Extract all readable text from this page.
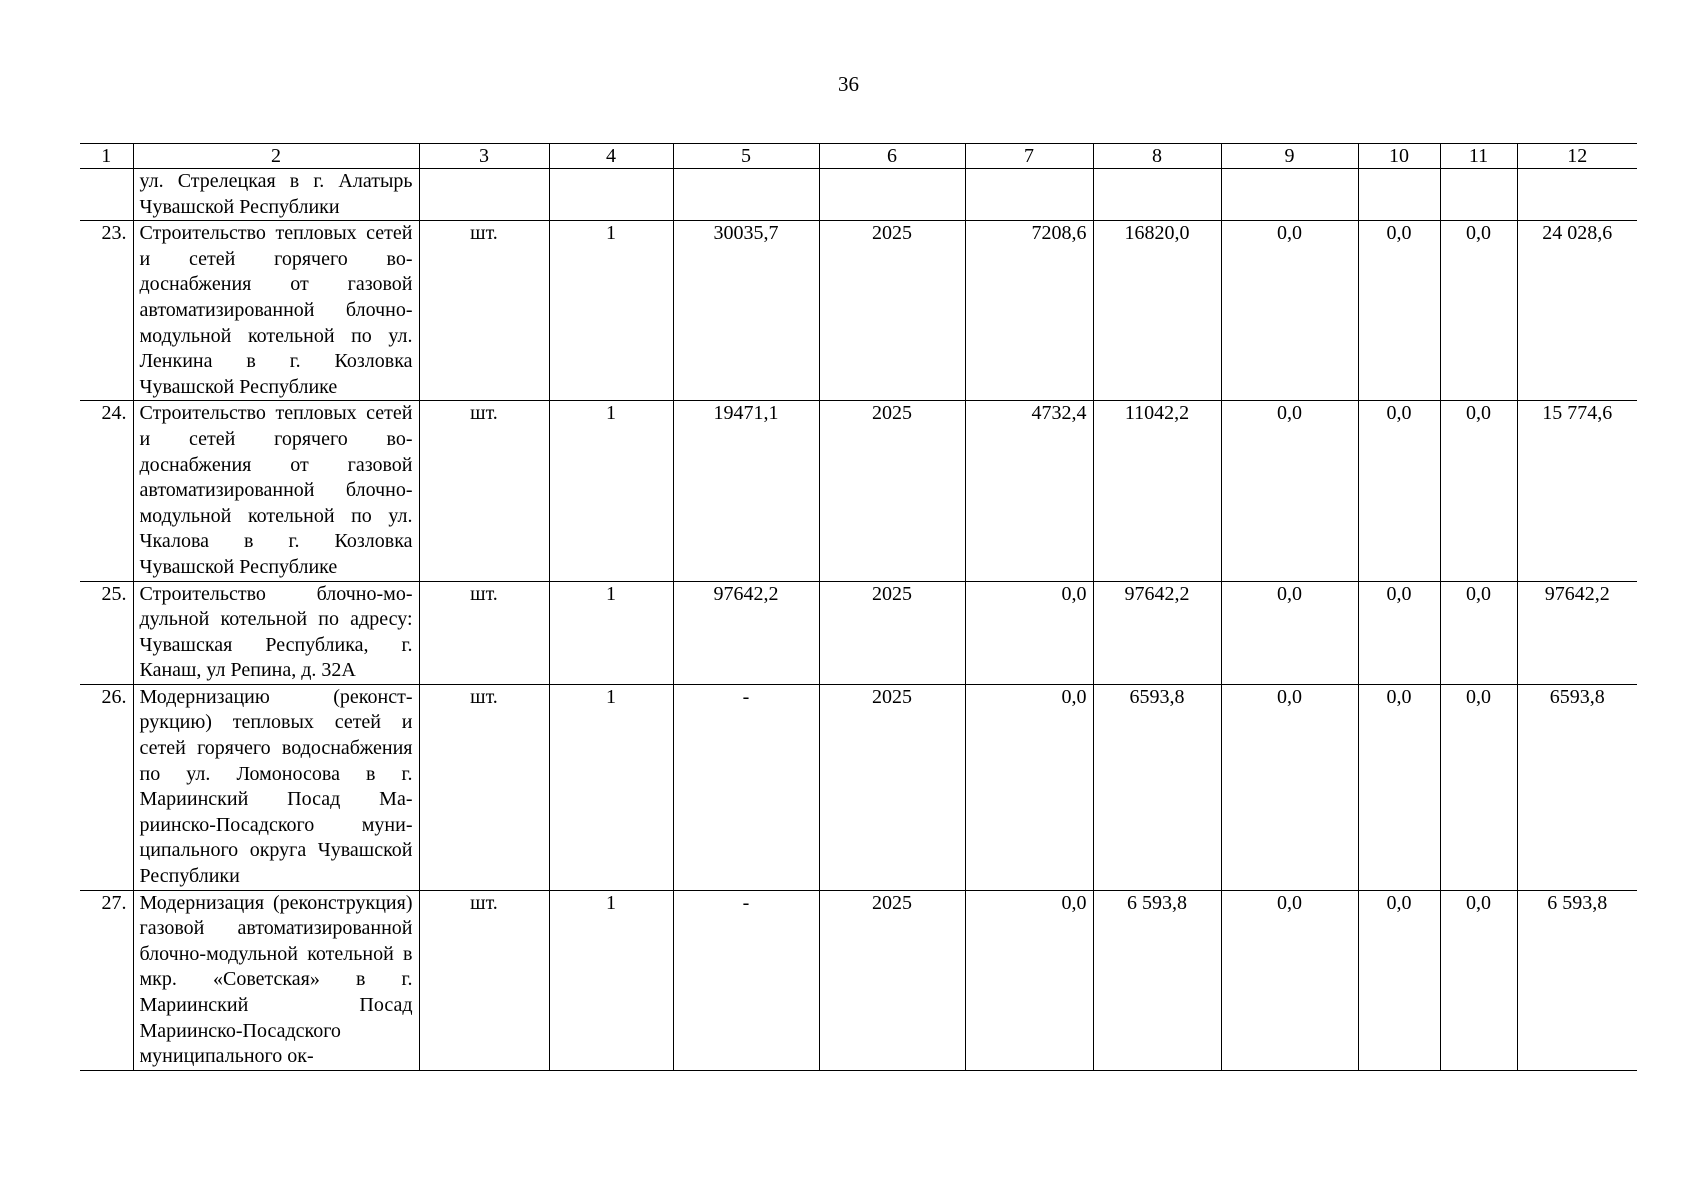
36
1	2	3	4	5	6	7	8	9	10	11	12
	ул. Стрелецкая в г. Алатырь Чувашской Республики										
23.	Строительство тепловых сетей и сетей горячего водоснабжения от газовой автоматизированной блочно-модульной котельной по ул. Ленкина в г. Козловка Чувашской Республике	шт.	1	30035,7	2025	7208,6	16820,0	0,0	0,0	0,0	24 028,6
24.	Строительство тепловых сетей и сетей горячего водоснабжения от газовой автоматизированной блочно-модульной котельной по ул. Чкалова в г. Козловка Чувашской Республике	шт.	1	19471,1	2025	4732,4	11042,2	0,0	0,0	0,0	15 774,6
25.	Строительство блочно-модульной котельной по адресу: Чувашская Республика, г. Канаш, ул Репина, д. 32А	шт.	1	97642,2	2025	0,0	97642,2	0,0	0,0	0,0	97642,2
26.	Модернизацию (реконструкцию) тепловых сетей и сетей горячего водоснабжения по ул. Ломоносова в г. Мариинский Посад Мариинско-Посадского муниципального округа Чувашской Республики	шт.	1	-	2025	0,0	6593,8	0,0	0,0	0,0	6593,8
27.	Модернизация (реконструкция) газовой автоматизированной блочно-модульной котельной в мкр. «Советская» в г. Мариинский Посад Мариинско-Посадского муниципального ок-	шт.	1	-	2025	0,0	6 593,8	0,0	0,0	0,0	6 593,8
